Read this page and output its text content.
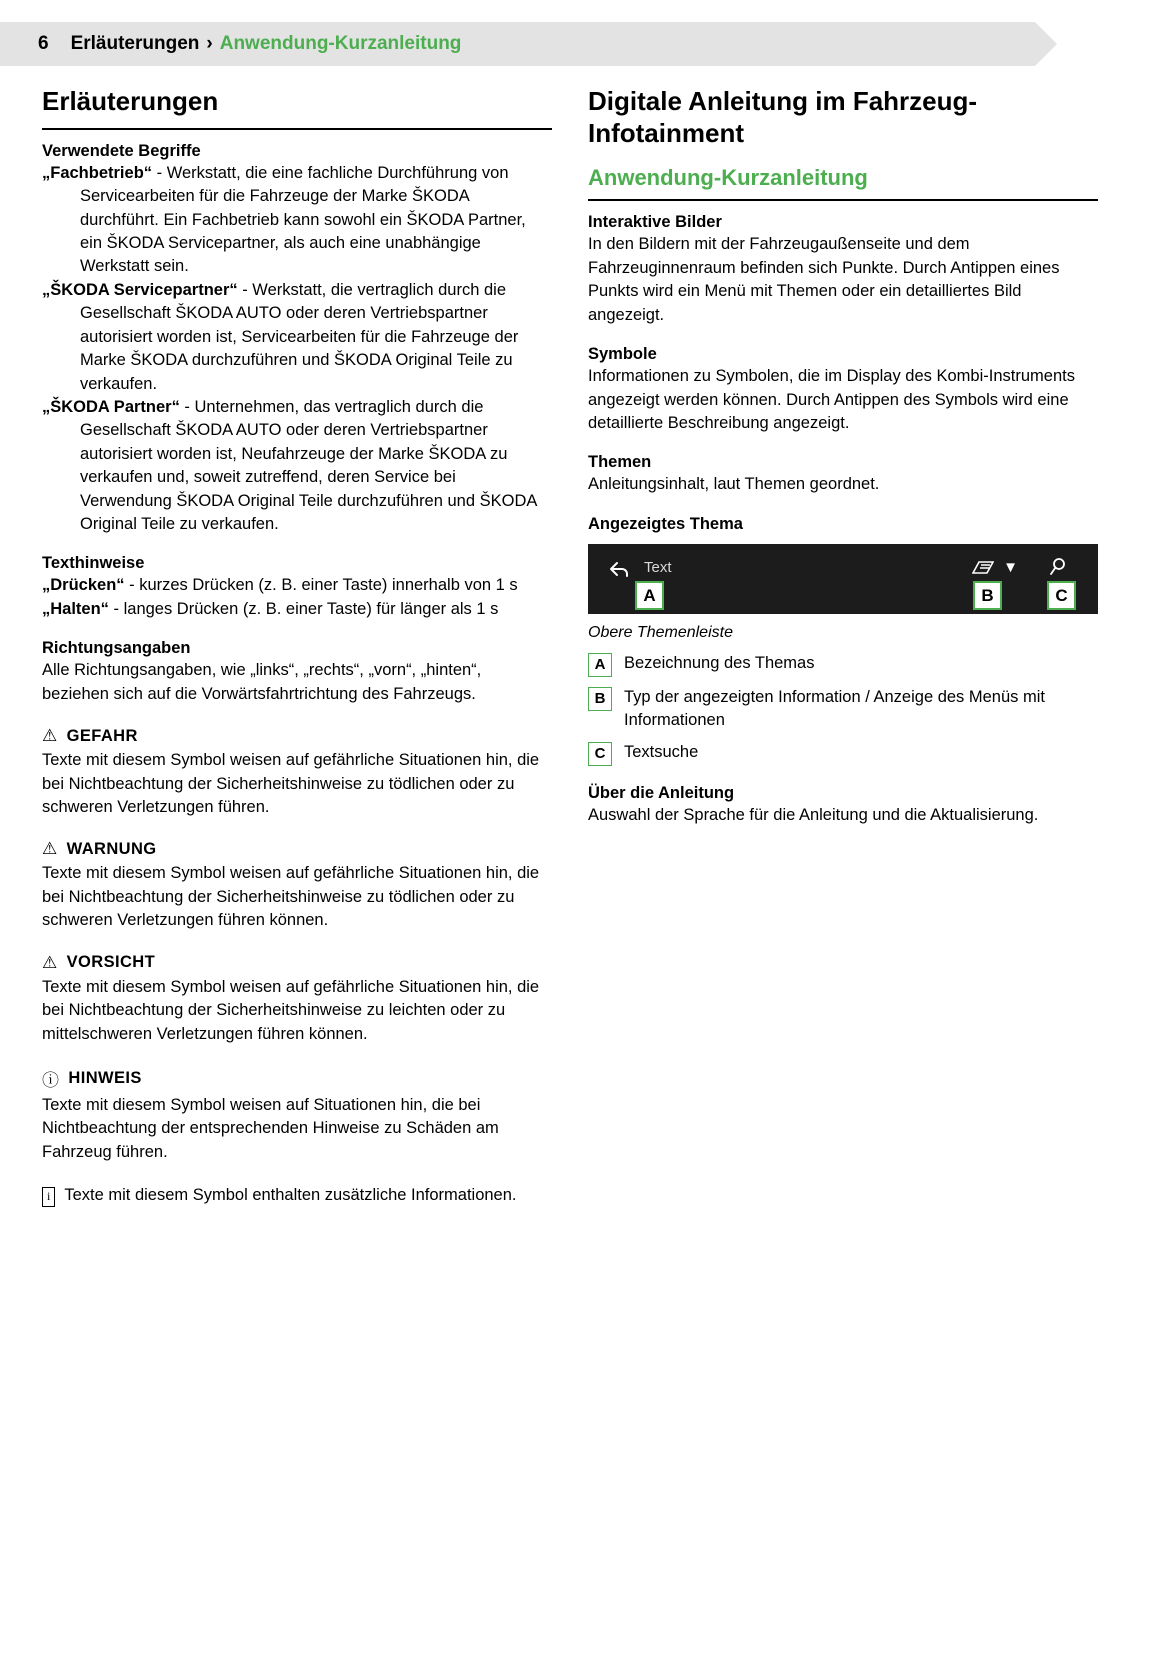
6 Erläuterungen › Anwendung-Kurzanleitung
Erläuterungen
Verwendete Begriffe

„Fachbetrieb“ - Werkstatt, die eine fachliche Durchführung von Servicearbeiten für die Fahrzeuge der Marke ŠKODA durchführt. Ein Fachbetrieb kann sowohl ein ŠKODA Partner, ein ŠKODA Servicepartner, als auch eine unabhängige Werkstatt sein.

„ŠKODA Servicepartner“ - Werkstatt, die vertraglich durch die Gesellschaft ŠKODA AUTO oder deren Vertriebspartner autorisiert worden ist, Servicearbeiten für die Fahrzeuge der Marke ŠKODA durchzuführen und ŠKODA Original Teile zu verkaufen.

„ŠKODA Partner“ - Unternehmen, das vertraglich durch die Gesellschaft ŠKODA AUTO oder deren Vertriebspartner autorisiert worden ist, Neufahrzeuge der Marke ŠKODA zu verkaufen und, soweit zutreffend, deren Service bei Verwendung ŠKODA Original Teile durchzuführen und ŠKODA Original Teile zu verkaufen.

Texthinweise

„Drücken“ - kurzes Drücken (z. B. einer Taste) innerhalb von 1 s

„Halten“ - langes Drücken (z. B. einer Taste) für länger als 1 s

Richtungsangaben

Alle Richtungsangaben, wie „links“, „rechts“, „vorn“, „hinten“, beziehen sich auf die Vorwärtsfahrtrichtung des Fahrzeugs.

⚠ GEFAHR

Texte mit diesem Symbol weisen auf gefährliche Situationen hin, die bei Nichtbeachtung der Sicherheitshinweise zu tödlichen oder zu schweren Verletzungen führen.

⚠ WARNUNG

Texte mit diesem Symbol weisen auf gefährliche Situationen hin, die bei Nichtbeachtung der Sicherheitshinweise zu tödlichen oder zu schweren Verletzungen führen können.

⚠ VORSICHT

Texte mit diesem Symbol weisen auf gefährliche Situationen hin, die bei Nichtbeachtung der Sicherheitshinweise zu leichten oder zu mittelschweren Verletzungen führen können.

ⓘ HINWEIS

Texte mit diesem Symbol weisen auf Situationen hin, die bei Nichtbeachtung der entsprechenden Hinweise zu Schäden am Fahrzeug führen.

i Texte mit diesem Symbol enthalten zusätzliche Informationen.
Digitale Anleitung im Fahrzeug-Infotainment
Anwendung-Kurzanleitung
Interaktive Bilder

In den Bildern mit der Fahrzeugaußenseite und dem Fahrzeuginnenraum befinden sich Punkte. Durch Antippen eines Punkts wird ein Menü mit Themen oder ein detailliertes Bild angezeigt.

Symbole

Informationen zu Symbolen, die im Display des Kombi-Instruments angezeigt werden können. Durch Antippen des Symbols wird eine detaillierte Beschreibung angezeigt.

Themen

Anleitungsinhalt, laut Themen geordnet.

Angezeigtes Thema
Text	▼
A	B	C
Obere Themenleiste
A	Bezeichnung des Themas
B	Typ der angezeigten Information / Anzeige des Menüs mit Informationen
C	Textsuche
Über die Anleitung

Auswahl der Sprache für die Anleitung und die Aktualisierung.
